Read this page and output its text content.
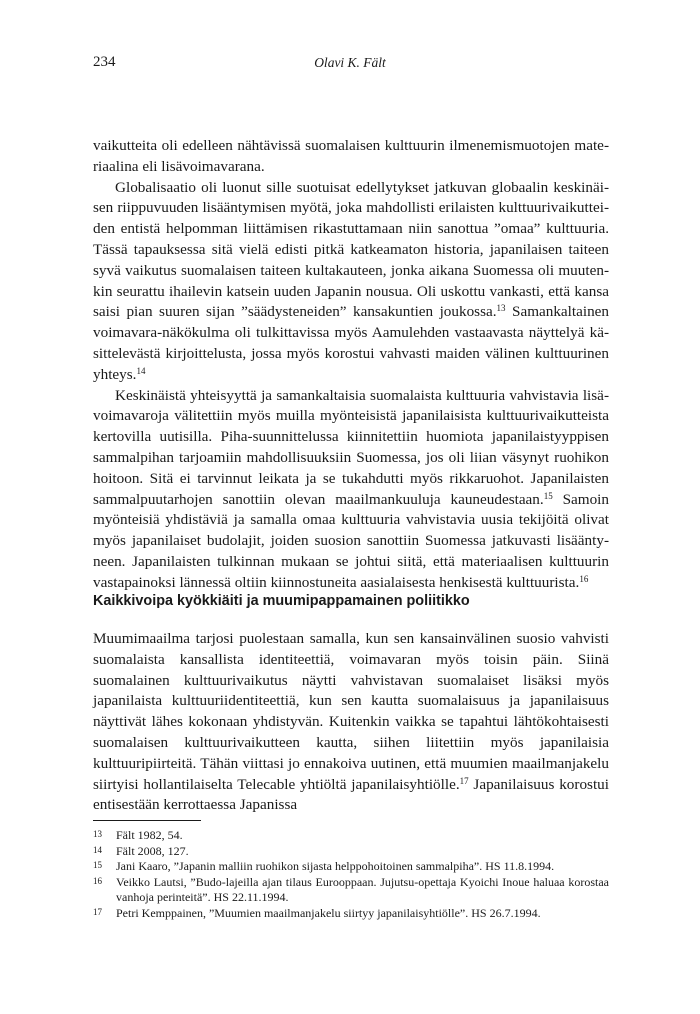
234	Olavi K. Fält

vaikutteita oli edelleen nähtävissä suomalaisen kulttuurin ilmenemismuotojen materiaalina eli lisävoimavarana.

Globalisaatio oli luonut sille suotuisat edellytykset jatkuvan globaalin keskinäisen riippuvuuden lisääntymisen myötä, joka mahdollisti erilaisten kulttuurivaikutteiden entistä helpomman liittämisen rikastuttamaan niin sanottua ”omaa” kulttuuria. Tässä tapauksessa sitä vielä edisti pitkä katkeamaton historia, japanilaisen taiteen syvä vaikutus suomalaisen taiteen kultakauteen, jonka aikana Suomessa oli muutenkin seurattu ihailevin katsein uuden Japanin nousua. Oli uskottu vankasti, että kansa saisi pian suuren sijan ”säädysteneiden” kansakuntien joukossa.$^{13}$ Samankaltainen voimavara-näkökulma oli tulkittavissa myös Aamulehden vastaavasta näyttelyä käsittelevästä kirjoittelusta, jossa myös korostui vahvasti maiden välinen kulttuurinen yhteys.$^{14}$

Keskinäistä yhteisyyttä ja samankaltaisia suomalaista kulttuuria vahvistavia lisävoimavaroja välitettiin myös muilla myönteisistä japanilaisista kulttuurivaikutteista kertovilla uutisilla. Piha-suunnittelussa kiinnitettiin huomiota japanilaistyyppisen sammalpihan tarjoamiin mahdollisuuksiin Suomessa, jos oli liian väsynyt ruohikon hoitoon. Sitä ei tarvinnut leikata ja se tukahdutti myös rikkaruohot. Japanilaisten sammalpuutarhojen sanottiin olevan maailmankuuluja kauneudestaan.$^{15}$ Samoin myönteisiä yhdistäviä ja samalla omaa kulttuuria vahvistavia uusia tekijöitä olivat myös japanilaiset budolajit, joiden suosion sanottiin Suomessa jatkuvasti lisääntyneen. Japanilaisten tulkinnan mukaan se johtui siitä, että materiaalisen kulttuurin vastapainoksi lännessä oltiin kiinnostuneita aasialaisesta henkisestä kulttuurista.$^{16}$

Kaikkivoipa kyökkiäiti ja muumipappamainen poliitikko

Muumimaailma tarjosi puolestaan samalla, kun sen kansainvälinen suosio vahvisti suomalaista kansallista identiteettiä, voimavaran myös toisin päin. Siinä suomalainen kulttuurivaikutus näytti vahvistavan suomalaiset lisäksi myös japanilaista kulttuuriidentiteettiä, kun sen kautta suomalaisuus ja japanilaisuus näyttivät lähes kokonaan yhdistyvän. Kuitenkin vaikka se tapahtui lähtökohtaisesti suomalaisen kulttuurivaikutteen kautta, siihen liitettiin myös japanilaisia kulttuuripiirteitä. Tähän viittasi jo ennakoiva uutinen, että muumien maailmanjakelu siirtyisi hollantilaiselta Telecable yhtiöltä japanilaisyhtiölle.$^{17}$ Japanilaisuus korostui entisestään kerrottaessa Japanissa

13	Fält 1982, 54.
14	Fält 2008, 127.
15	Jani Kaaro, ”Japanin malliin ruohikon sijasta helppohoitoinen sammalpiha”. HS 11.8.1994.
16	Veikko Lautsi, ”Budo-lajeilla ajan tilaus Eurooppaan. Jujutsu-opettaja Kyoichi Inoue haluaa korostaa vanhoja perinteitä”. HS 22.11.1994.
17	Petri Kemppainen, ”Muumien maailmanjakelu siirtyy japanilaisyhtiölle”. HS 26.7.1994.
